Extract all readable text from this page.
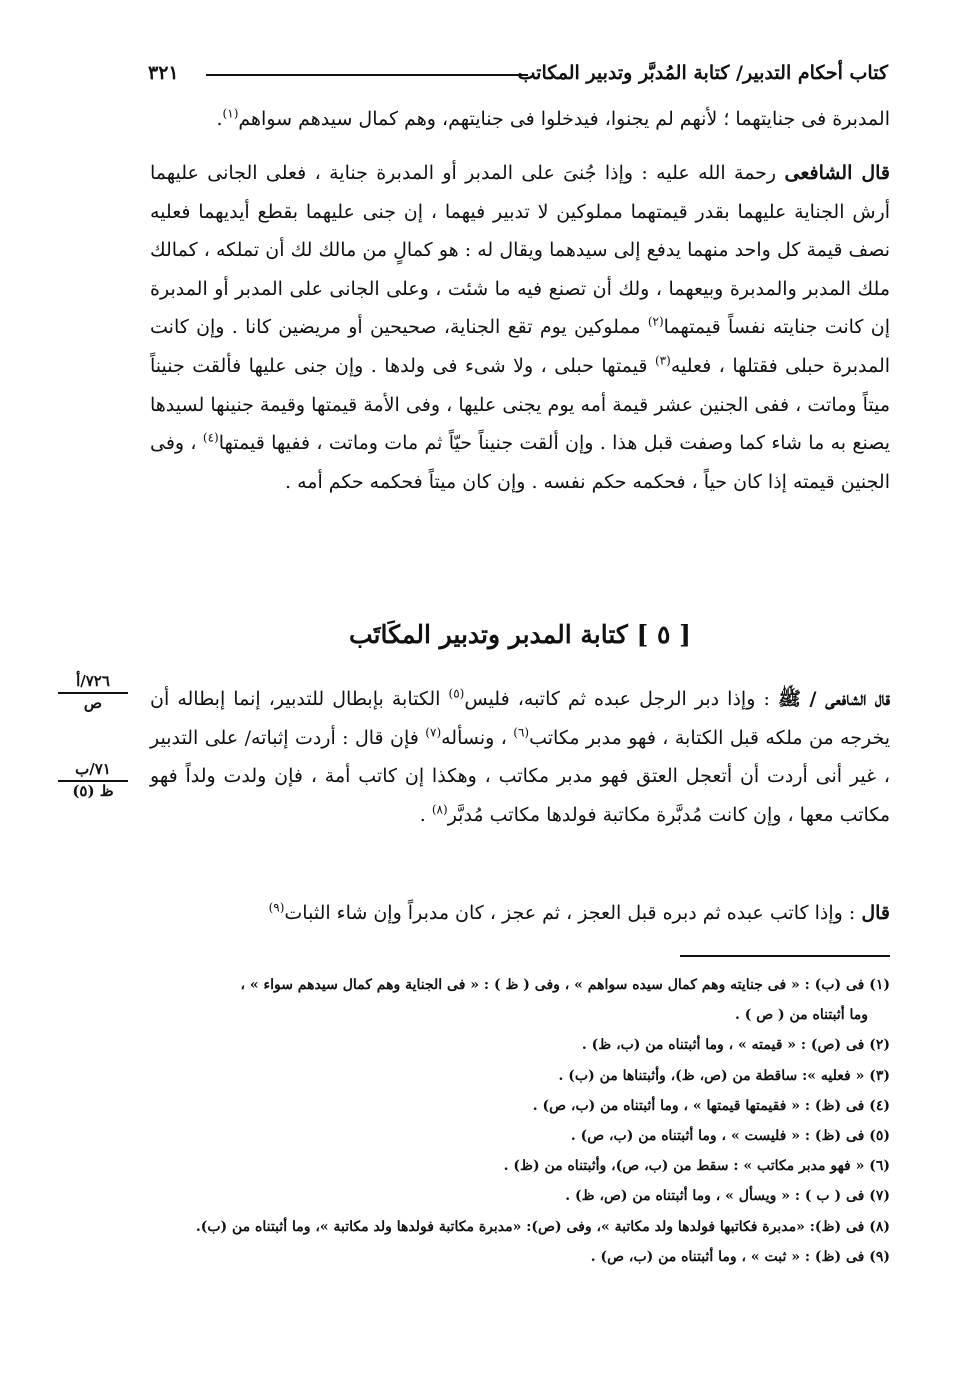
كتاب أحكام التدبير/ كتابة المُدبَّر وتدبير المكاتب
٣٢١

المدبرة فى جنايتهما ؛ لأنهم لم يجنوا، فيدخلوا فى جنايتهم، وهم كمال سيدهم سواهم$^{(١)}$.

قال الشافعى رحمة الله عليه : وإذا جُنىَ على المدبر أو المدبرة جناية ، فعلى الجانى عليهما أرش الجناية عليهما بقدر قيمتهما مملوكين لا تدبير فيهما ، إن جنى عليهما بقطع أيديهما فعليه نصف قيمة كل واحد منهما يدفع إلى سيدهما ويقال له : هو كمالٍ من مالك لك أن تملكه ، كمالك ملك المدبر والمدبرة وبيعهما ، ولك أن تصنع فيه ما شئت ، وعلى الجانى على المدبر أو المدبرة إن كانت جنايته نفساً قيمتهما$^{(٢)}$ مملوكين يوم تقع الجناية، صحيحين أو مريضين كانا . وإن كانت المدبرة حبلى فقتلها ، فعليه$^{(٣)}$ قيمتها حبلى ، ولا شىء فى ولدها . وإن جنى عليها فألقت جنيناً ميتاً وماتت ، ففى الجنين عشر قيمة أمه يوم يجنى عليها ، وفى الأمة قيمتها وقيمة جنينها لسيدها يصنع به ما شاء كما وصفت قبل هذا . وإن ألقت جنيناً حيّاً ثم مات وماتت ، ففيها قيمتها$^{(٤)}$ ، وفى الجنين قيمته إذا كان حياً ، فحكمه حكم نفسه . وإن كان ميتاً فحكمه حكم أمه .

[ ٥ ] كتابة المدبر وتدبير المكَاتَب
٧٢٦/أ
ص
٧١/ب
ظ (٥)

قال الشافعى / ﷺ : وإذا دبر الرجل عبده ثم كاتبه، فليس$^{(٥)}$ الكتابة بإبطال للتدبير، إنما إبطاله أن يخرجه من ملكه قبل الكتابة ، فهو مدبر مكاتب$^{(٦)}$ ، ونسأله$^{(٧)}$ فإن قال : أردت إثباته/ على التدبير ، غير أنى أردت أن أتعجل العتق فهو مدبر مكاتب ، وهكذا إن كاتب أمة ، فإن ولدت ولداً فهو مكاتب معها ، وإن كانت مُدبَّرة مكاتبة فولدها مكاتب مُدبَّر$^{(٨)}$ .

قال : وإذا كاتب عبده ثم دبره قبل العجز ، ثم عجز ، كان مدبراً وإن شاء الثبات$^{(٩)}$

(١) فى (ب) : « فى جنايته وهم كمال سيده سواهم » ، وفى ( ظ ) : « فى الجناية وهم كمال سيدهم سواء » ،
وما أثبتناه من ( ص ) .
(٢) فى (ص) : « قيمته » ، وما أثبتناه من (ب، ظ) .
(٣) « فعليه »: ساقطة من (ص، ظ)، وأثبتناها من (ب) .
(٤) فى (ظ) : « فقيمتها قيمتها » ، وما أثبتناه من (ب، ص) .
(٥) فى (ظ) : « فليست » ، وما أثبتناه من (ب، ص) .
(٦) « فهو مدبر مكاتب » : سقط من (ب، ص)، وأثبتناه من (ظ) .
(٧) فى ( ب ) : « ويسأل » ، وما أثبتناه من (ص، ظ) .
(٨) فى (ظ): «مدبرة فكاتبها فولدها ولد مكاتبة »، وفى (ص): «مدبرة مكاتبة فولدها ولد مكاتبة »، وما أثبتناه من (ب).
(٩) فى (ظ) : « ثبت » ، وما أثبتناه من (ب، ص) .
